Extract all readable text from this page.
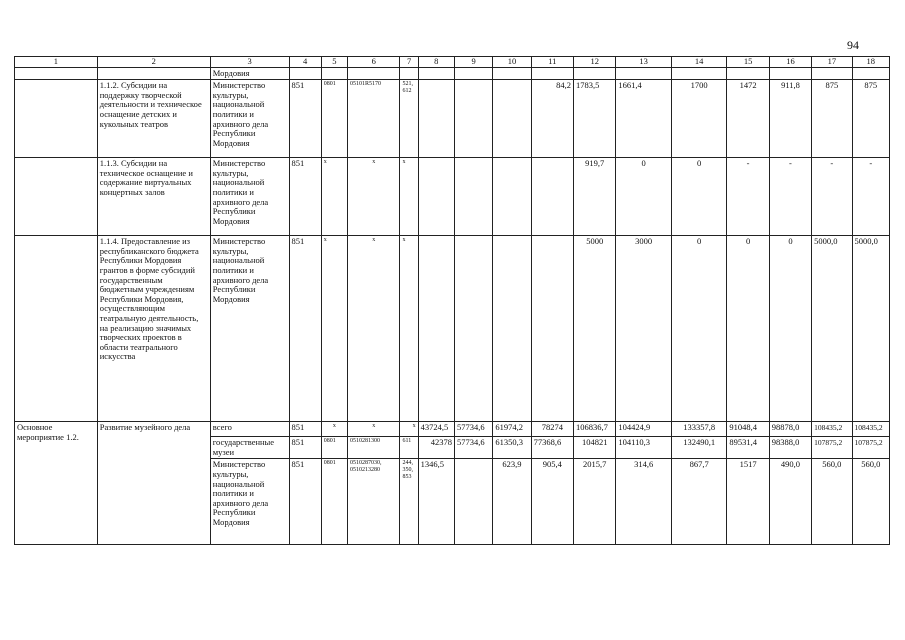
94
1	2	3	4	5	6	7	8	9	10	11	12	13	14	15	16	17	18
		Мордовия															
	1.1.2. Субсидии на поддержку творческой деятельности и техническое оснащение детских и кукольных театров	Министерство культуры, национальной политики и архивного дела Республики Мордовия	851	0801	05101R5170	521, 612				84,2	1783,5	1661,4	1700	1472	911,8	875	875
	1.1.3. Субсидии на техническое оснащение и содержание виртуальных концертных залов	Министерство культуры, национальной политики и архивного дела Республики Мордовия	851	x	x	x					919,7	0	0	-	-	-	-
	1.1.4. Предоставление из республиканского бюджета Республики Мордовия грантов в форме субсидий государственным бюджетным учреждениям Республики Мордовия, осуществляющим театральную деятельность, на реализацию значимых творческих проектов в области театрального искусства	Министерство культуры, национальной политики и архивного дела Республики Мордовия	851	x	x	x					5000	3000	0	0	0	5000,0	5000,0
Основное мероприятие 1.2.	Развитие музейного дела	всего	851	x	x	x	43724,5	57734,6	61974,2	78274	106836,7	104424,9	133357,8	91048,4	98878,0	108435,2	108435,2
		государственные музеи	851	0801	0510281300	611	42378	57734,6	61350,3	77368,6	104821	104110,3	132490,1	89531,4	98388,0	107875,2	107875,2
		Министерство культуры, национальной политики и архивного дела Республики Мордовия	851	0801	0510287030, 0510213280	244, 350, 853	1346,5		623,9	905,4	2015,7	314,6	867,7	1517	490,0	560,0	560,0
